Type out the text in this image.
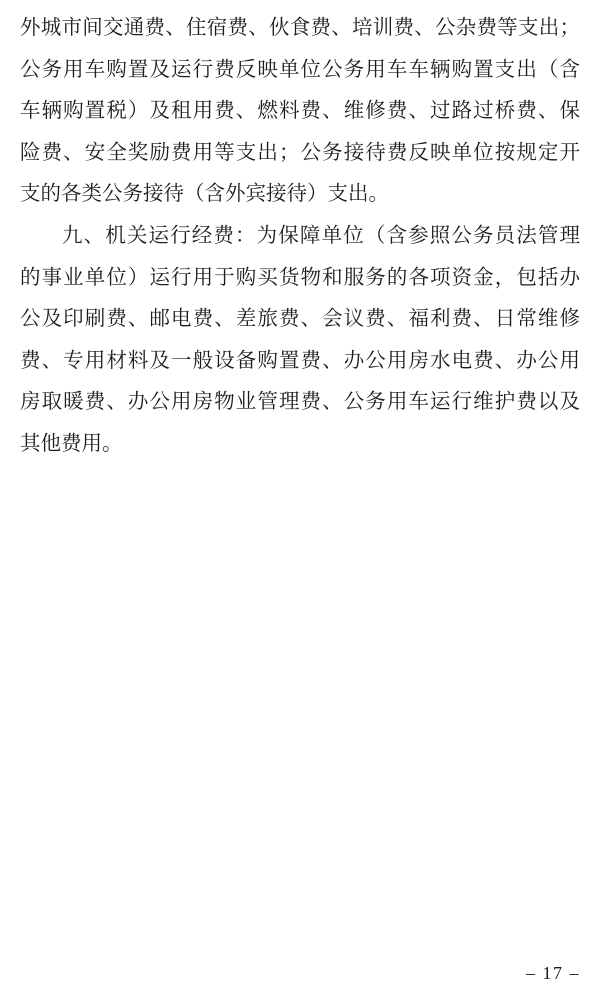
外城市间交通费、住宿费、伙食费、培训费、公杂费等支出；
公务用车购置及运行费反映单位公务用车车辆购置支出（含
车辆购置税）及租用费、燃料费、维修费、过路过桥费、保
险费、安全奖励费用等支出；公务接待费反映单位按规定开
支的各类公务接待（含外宾接待）支出。
九、机关运行经费：为保障单位（含参照公务员法管理
的事业单位）运行用于购买货物和服务的各项资金，包括办
公及印刷费、邮电费、差旅费、会议费、福利费、日常维修
费、专用材料及一般设备购置费、办公用房水电费、办公用
房取暖费、办公用房物业管理费、公务用车运行维护费以及
其他费用。
– 17 –
